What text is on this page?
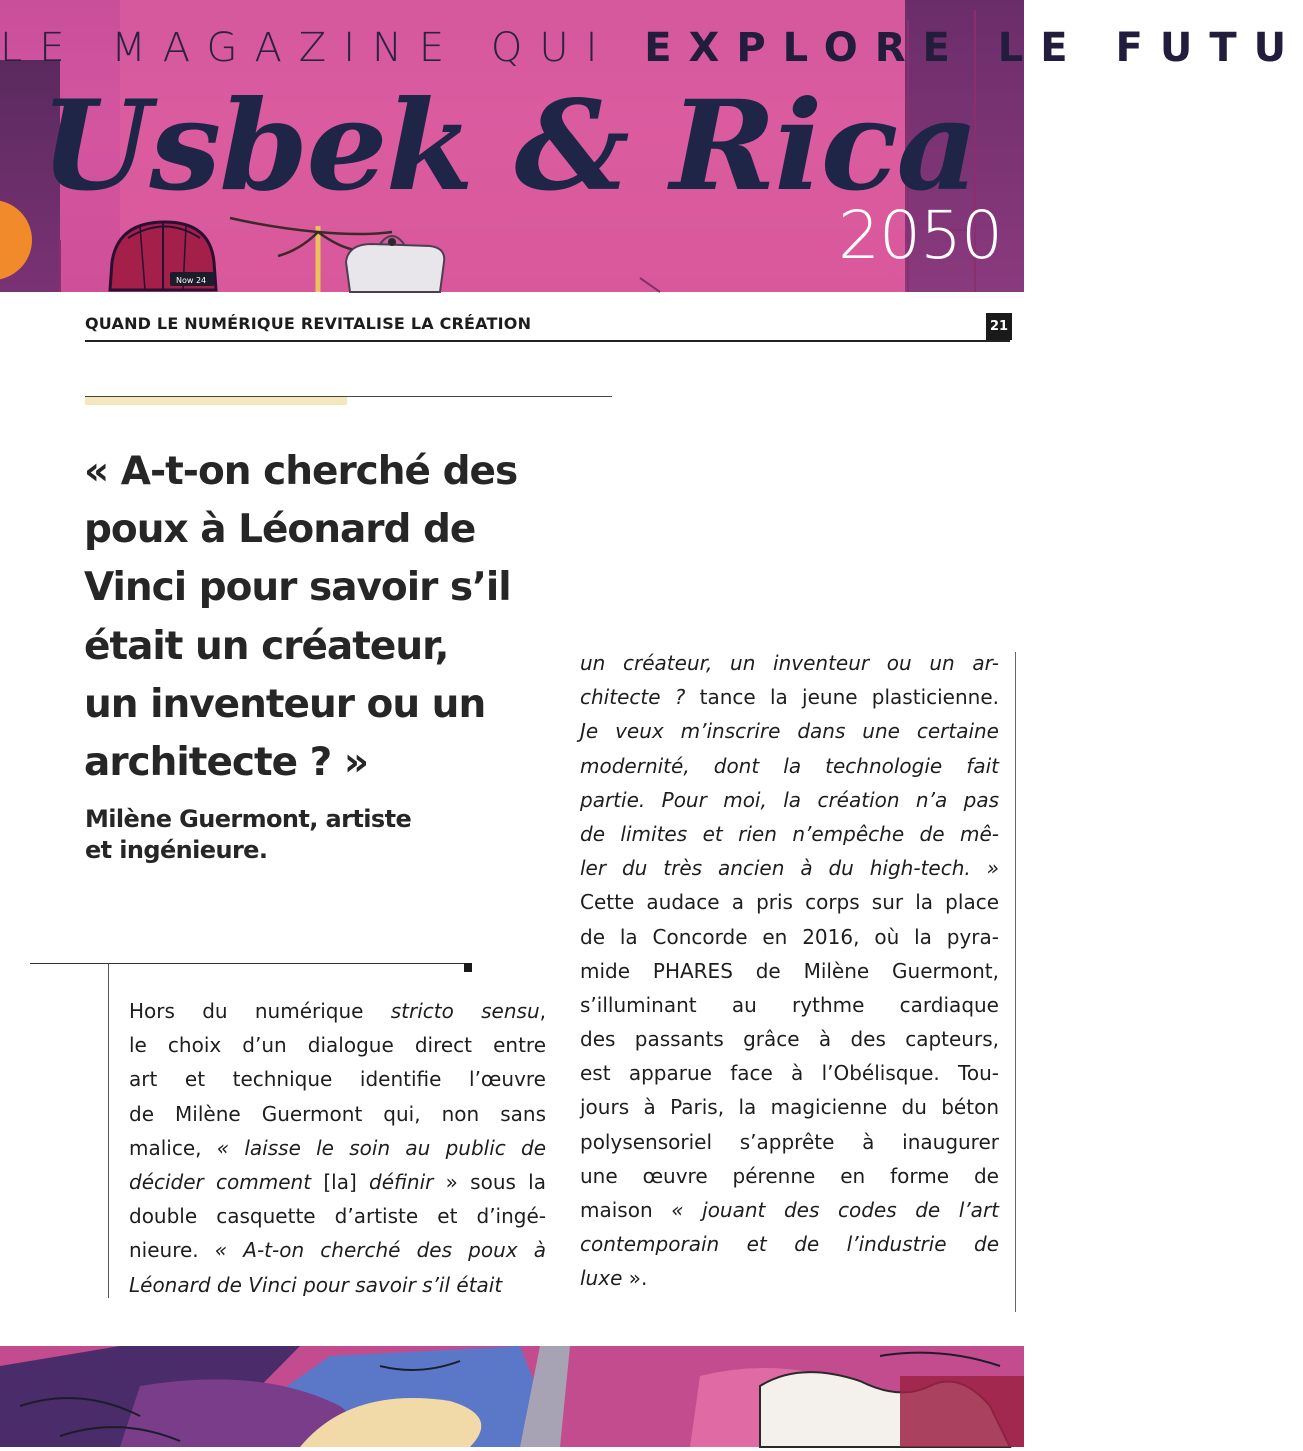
Now 24
LE MAGAZINE QUI EXPLORE LE FUTU
Usbek & Rica
2050
QUAND LE NUMÉRIQUE REVITALISE LA CRÉATION	21
« A-t-on cherché des
poux à Léonard de
Vinci pour savoir s’il
était un créateur,
un inventeur ou un
architecte ? »

Milène Guermont, artiste
et ingénieure.

Hors du numérique stricto sensu,
le choix d’un dialogue direct entre
art et technique identifie l’œuvre
de Milène Guermont qui, non sans
malice, « laisse le soin au public de
décider comment [la] définir » sous la
double casquette d’artiste et d’ingé-
nieure. « A-t-on cherché des poux à
Léonard de Vinci pour savoir s’il était
un créateur, un inventeur ou un ar-
chitecte ? tance la jeune plasticienne.
Je veux m’inscrire dans une certaine
modernité, dont la technologie fait
partie. Pour moi, la création n’a pas
de limites et rien n’empêche de mê-
ler du très ancien à du high-tech. »
Cette audace a pris corps sur la place
de la Concorde en 2016, où la pyra-
mide PHARES de Milène Guermont,
s’illuminant au rythme cardiaque
des passants grâce à des capteurs,
est apparue face à l’Obélisque. Tou-
jours à Paris, la magicienne du béton
polysensoriel s’apprête à inaugurer
une œuvre pérenne en forme de
maison « jouant des codes de l’art
contemporain et de l’industrie de
luxe ».
